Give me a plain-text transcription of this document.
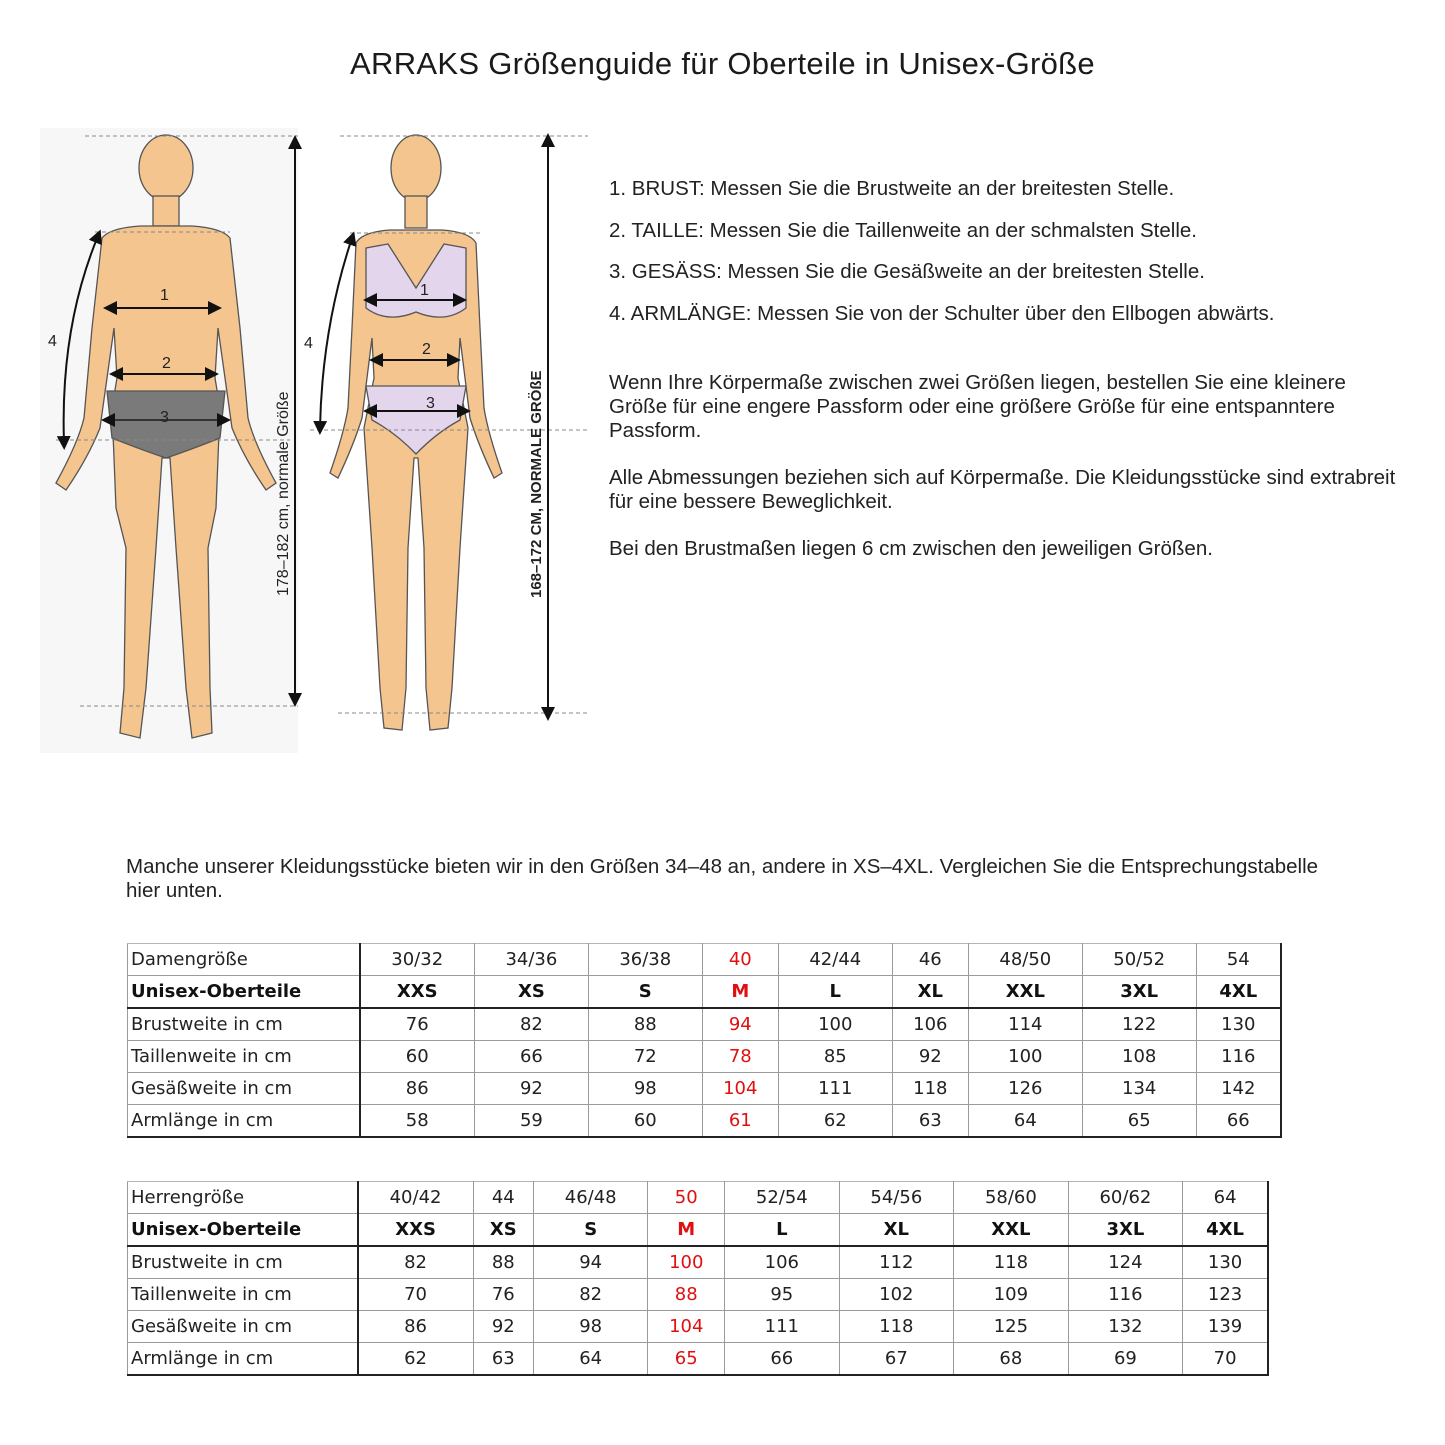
ARRAKS Größenguide für Oberteile in Unisex-Größe
1
2
3
4
178–182 cm, normale Größe
1
2
3
4
168–172 CM, NORMALE GRÖßE
1. BRUST: Messen Sie die Brustweite an der breitesten Stelle.
2. TAILLE: Messen Sie die Taillenweite an der schmalsten Stelle.
3. GESÄSS: Messen Sie die Gesäßweite an der breitesten Stelle.
4. ARMLÄNGE: Messen Sie von der Schulter über den Ellbogen abwärts.

Wenn Ihre Körpermaße zwischen zwei Größen liegen, bestellen Sie eine kleinere Größe für eine engere Passform oder eine größere Größe für eine entspanntere Passform.

Alle Abmessungen beziehen sich auf Körpermaße. Die Kleidungsstücke sind extrabreit für eine bessere Beweglichkeit.

Bei den Brustmaßen liegen 6 cm zwischen den jeweiligen Größen.

Manche unserer Kleidungsstücke bieten wir in den Größen 34–48 an, andere in XS–4XL. Vergleichen Sie die Entsprechungstabelle hier unten.
Damengröße	30/32	34/36	36/38	40	42/44	46	48/50	50/52	54
Unisex-Oberteile	XXS	XS	S	M	L	XL	XXL	3XL	4XL
Brustweite in cm	76	82	88	94	100	106	114	122	130
Taillenweite in cm	60	66	72	78	85	92	100	108	116
Gesäßweite in cm	86	92	98	104	111	118	126	134	142
Armlänge in cm	58	59	60	61	62	63	64	65	66
Herrengröße	40/42	44	46/48	50	52/54	54/56	58/60	60/62	64
Unisex-Oberteile	XXS	XS	S	M	L	XL	XXL	3XL	4XL
Brustweite in cm	82	88	94	100	106	112	118	124	130
Taillenweite in cm	70	76	82	88	95	102	109	116	123
Gesäßweite in cm	86	92	98	104	111	118	125	132	139
Armlänge in cm	62	63	64	65	66	67	68	69	70
